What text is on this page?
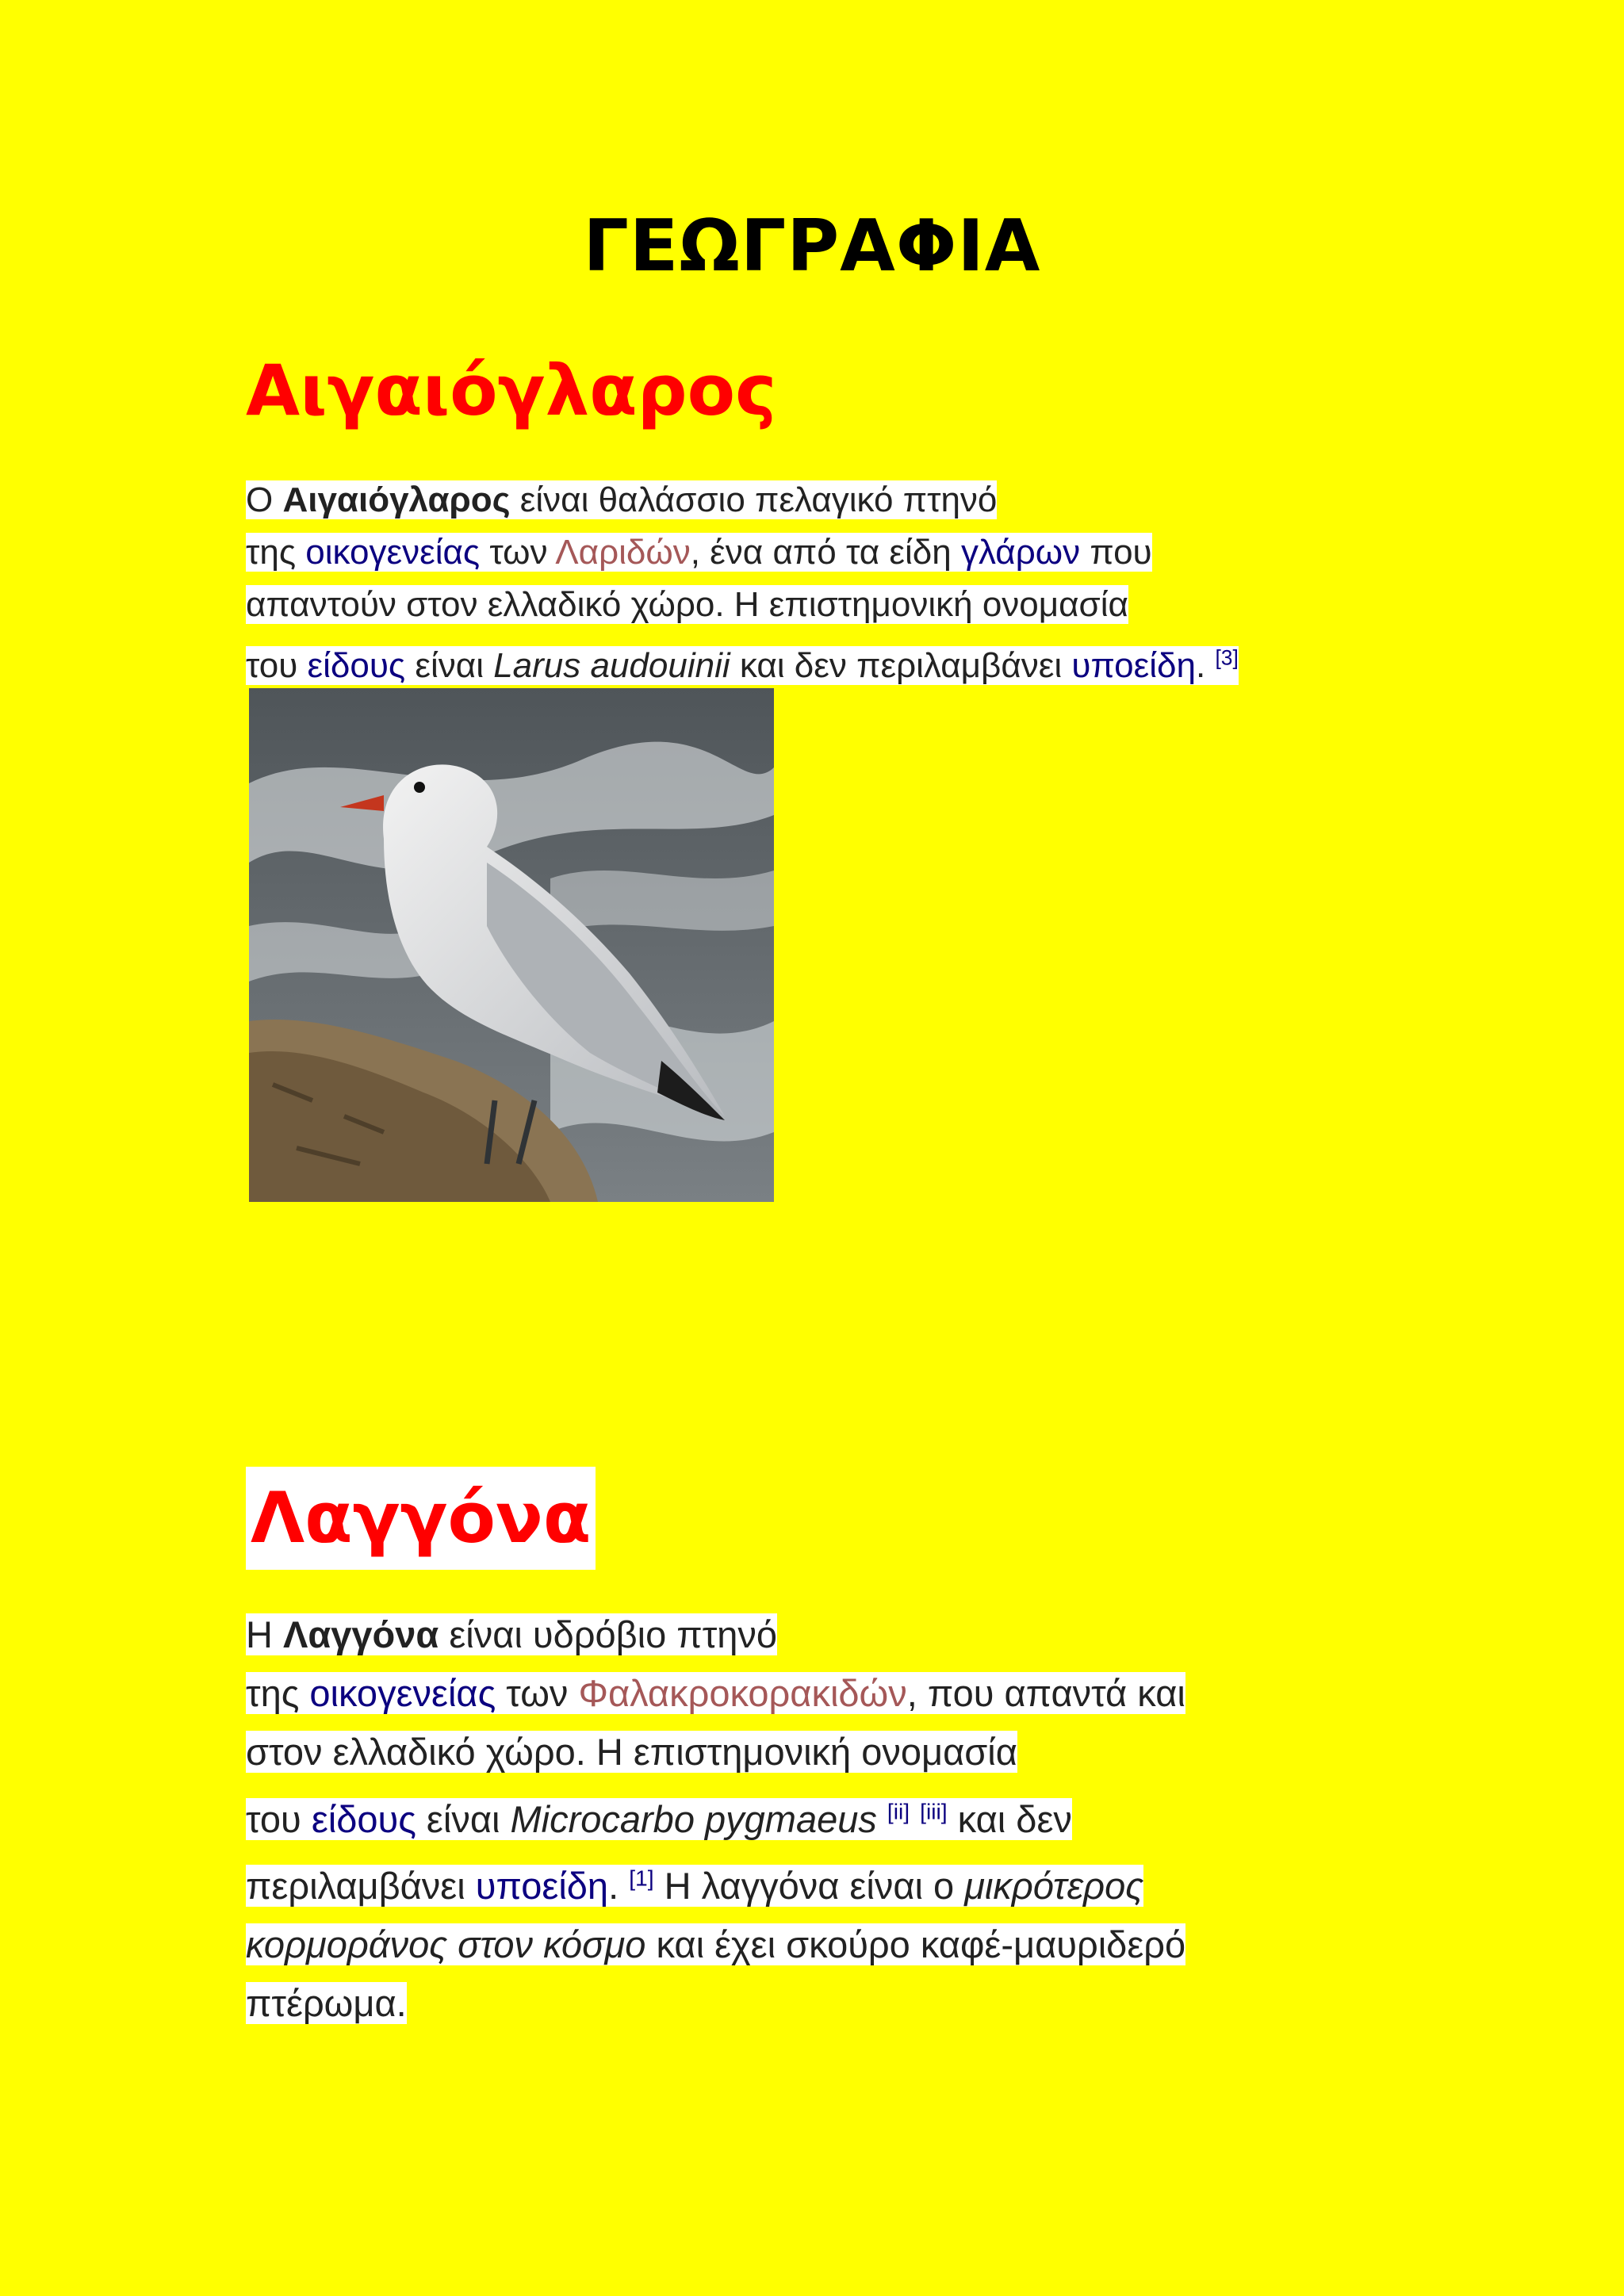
ΓΕΩΓΡΑΦΙΑ
Αιγαιόγλαρος

Ο Αιγαιόγλαρος είναι θαλάσσιο πελαγικό πτηνό
της οικογενείας των Λαριδών, ένα από τα είδη γλάρων που
απαντούν στον ελλαδικό χώρο. Η επιστημονική ονομασία
του είδους είναι Larus audouinii και δεν περιλαμβάνει υποείδη. [3]

Λαγγόνα

Η Λαγγόνα είναι υδρόβιο πτηνό
της οικογενείας των Φαλακροκορακιδών, που απαντά και
στον ελλαδικό χώρο. Η επιστημονική ονομασία
του είδους είναι Microcarbo pygmaeus [ii] [iii] και δεν
περιλαμβάνει υποείδη. [1] Η λαγγόνα είναι ο μικρότερος
κορμοράνος στον κόσμο και έχει σκούρο καφέ-μαυριδερό
πτέρωμα.
